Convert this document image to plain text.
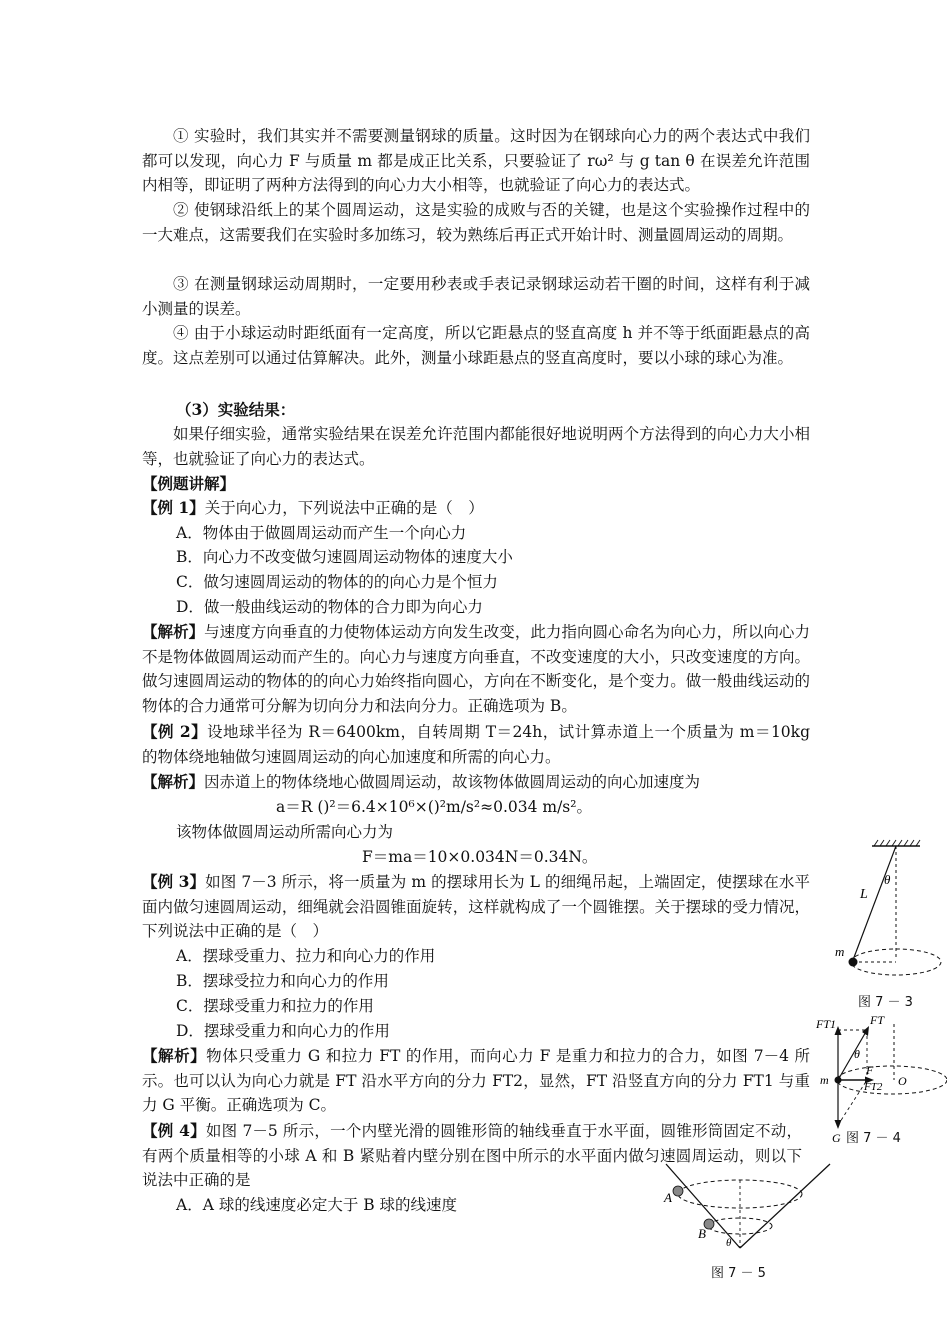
① 实验时，我们其实并不需要测量钢球的质量。这时因为在钢球向心力的两个表达式中我们都可以发现，向心力 F 与质量 m 都是成正比关系，只要验证了 rω² 与 g tan θ 在误差允许范围内相等，即证明了两种方法得到的向心力大小相等，也就验证了向心力的表达式。

② 使钢球沿纸上的某个圆周运动，这是实验的成败与否的关键，也是这个实验操作过程中的一大难点，这需要我们在实验时多加练习，较为熟练后再正式开始计时、测量圆周运动的周期。

③ 在测量钢球运动周期时，一定要用秒表或手表记录钢球运动若干圈的时间，这样有利于减小测量的误差。

④ 由于小球运动时距纸面有一定高度，所以它距悬点的竖直高度 h 并不等于纸面距悬点的高度。这点差别可以通过估算解决。此外，测量小球距悬点的竖直高度时，要以小球的球心为准。

（3）实验结果：

如果仔细实验，通常实验结果在误差允许范围内都能很好地说明两个方法得到的向心力大小相等，也就验证了向心力的表达式。

【例题讲解】

【例 1】关于向心力，下列说法中正确的是（　）

A．物体由于做圆周运动而产生一个向心力
B．向心力不改变做匀速圆周运动物体的速度大小
C．做匀速圆周运动的物体的的向心力是个恒力
D．做一般曲线运动的物体的合力即为向心力

【解析】与速度方向垂直的力使物体运动方向发生改变，此力指向圆心命名为向心力，所以向心力不是物体做圆周运动而产生的。向心力与速度方向垂直，不改变速度的大小，只改变速度的方向。做匀速圆周运动的物体的的向心力始终指向圆心，方向在不断变化，是个变力。做一般曲线运动的物体的合力通常可分解为切向分力和法向分力。正确选项为 B。

【例 2】设地球半径为 R＝6400km，自转周期 T＝24h，试计算赤道上一个质量为 m＝10kg 的物体绕地轴做匀速圆周运动的向心加速度和所需的向心力。

【解析】因赤道上的物体绕地心做圆周运动，故该物体做圆周运动的向心加速度为

a＝R ()²＝6.4×10⁶×()²m/s²≈0.034 m/s²。
该物体做圆周运动所需向心力为
F＝ma＝10×0.034N＝0.34N。

【例 3】如图 7－3 所示，将一质量为 m 的摆球用长为 L 的细绳吊起，上端固定，使摆球在水平面内做匀速圆周运动，细绳就会沿圆锥面旋转，这样就构成了一个圆锥摆。关于摆球的受力情况，下列说法中正确的是（　）

A．摆球受重力、拉力和向心力的作用
B．摆球受拉力和向心力的作用
C．摆球受重力和拉力的作用
D．摆球受重力和向心力的作用

【解析】物体只受重力 G 和拉力 FT 的作用，而向心力 F 是重力和拉力的合力，如图 7－4 所示。也可以认为向心力就是 FT 沿水平方向的分力 FT2，显然，FT 沿竖直方向的分力 FT1 与重力 G 平衡。正确选项为 C。

【例 4】如图 7－5 所示，一个内壁光滑的圆锥形筒的轴线垂直于水平面，圆锥形筒固定不动，有两个质量相等的小球 A 和 B 紧贴着内壁分别在图中所示的水平面内做匀速圆周运动，则以下说法中正确的是

A．A 球的线速度必定大于 B 球的线速度
θ
L
m
图 7 － 3
FT1	FT
θ
F
FT2
m	O
G 图 7 － 4
A
B
θ
图 7 － 5
